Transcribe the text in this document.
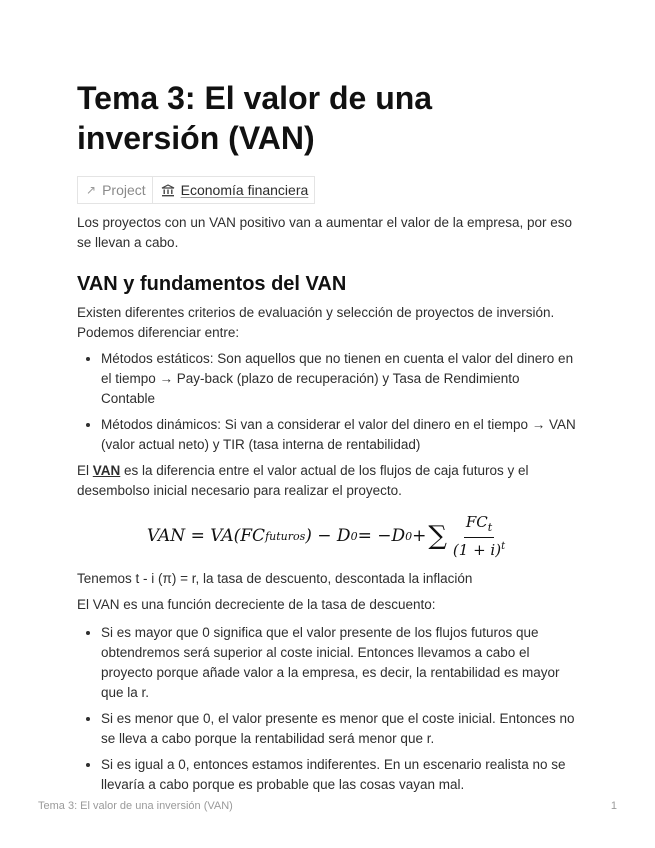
Tema 3: El valor de una inversión (VAN)
↗ Project	Economía financiera

Los proyectos con un VAN positivo van a aumentar el valor de la empresa, por eso se llevan a cabo.

VAN y fundamentos del VAN

Existen diferentes criterios de evaluación y selección de proyectos de inversión. Podemos diferenciar entre:

• Métodos estáticos: Son aquellos que no tienen en cuenta el valor del dinero en el tiempo → Pay-back (plazo de recuperación) y Tasa de Rendimiento Contable
• Métodos dinámicos: Si van a considerar el valor del dinero en el tiempo → VAN (valor actual neto) y TIR (tasa interna de rentabilidad)

El VAN es la diferencia entre el valor actual de los flujos de caja futuros y el desembolso inicial necesario para realizar el proyecto.

VAN = VA(FC futuros ) − D 0 = −D 0 + ∑ $\frac{FC_t}{(1 + i)^t}$

Tenemos t - i (π) = r, la tasa de descuento, descontada la inflación

El VAN es una función decreciente de la tasa de descuento:

• Si es mayor que 0 significa que el valor presente de los flujos futuros que obtendremos será superior al coste inicial. Entonces llevamos a cabo el proyecto porque añade valor a la empresa, es decir, la rentabilidad es mayor que la r.
• Si es menor que 0, el valor presente es menor que el coste inicial. Entonces no se lleva a cabo porque la rentabilidad será menor que r.
• Si es igual a 0, entonces estamos indiferentes. En un escenario realista no se llevaría a cabo porque es probable que las cosas vayan mal.
Tema 3: El valor de una inversión (VAN)	1
